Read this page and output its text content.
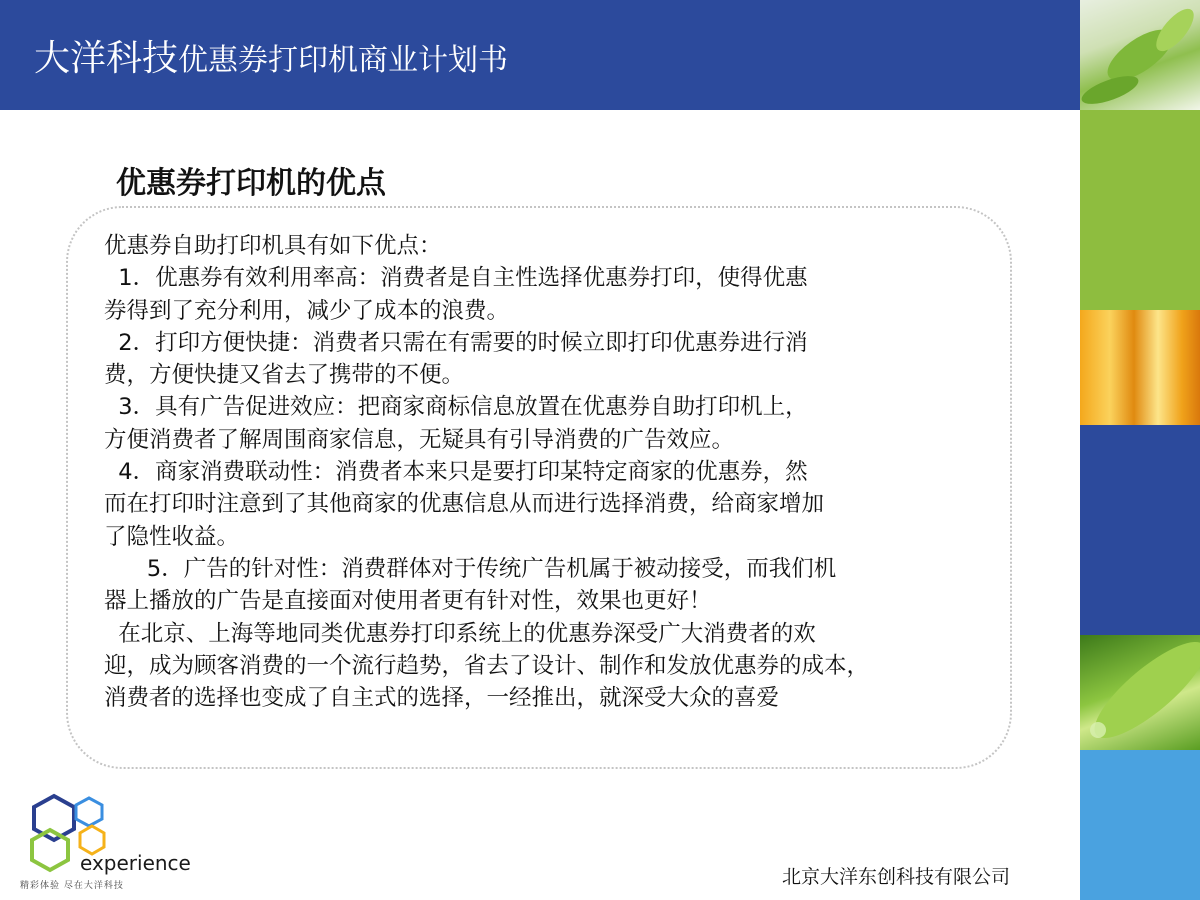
大洋科技优惠券打印机商业计划书
优惠券打印机的优点

优惠券自助打印机具有如下优点：

1．优惠券有效利用率高：消费者是自主性选择优惠券打印，使得优惠

券得到了充分利用，减少了成本的浪费。

2．打印方便快捷：消费者只需在有需要的时候立即打印优惠券进行消

费，方便快捷又省去了携带的不便。

3．具有广告促进效应：把商家商标信息放置在优惠券自助打印机上，

方便消费者了解周围商家信息，无疑具有引导消费的广告效应。

4．商家消费联动性：消费者本来只是要打印某特定商家的优惠券，然

而在打印时注意到了其他商家的优惠信息从而进行选择消费，给商家增加

了隐性收益。

5．广告的针对性：消费群体对于传统广告机属于被动接受，而我们机

器上播放的广告是直接面对使用者更有针对性，效果也更好！

在北京、上海等地同类优惠券打印系统上的优惠券深受广大消费者的欢

迎，成为顾客消费的一个流行趋势，省去了设计、制作和发放优惠券的成本，

消费者的选择也变成了自主式的选择，一经推出，就深受大众的喜爱

experience
精彩体验 尽在大洋科技	北京大洋东创科技有限公司
